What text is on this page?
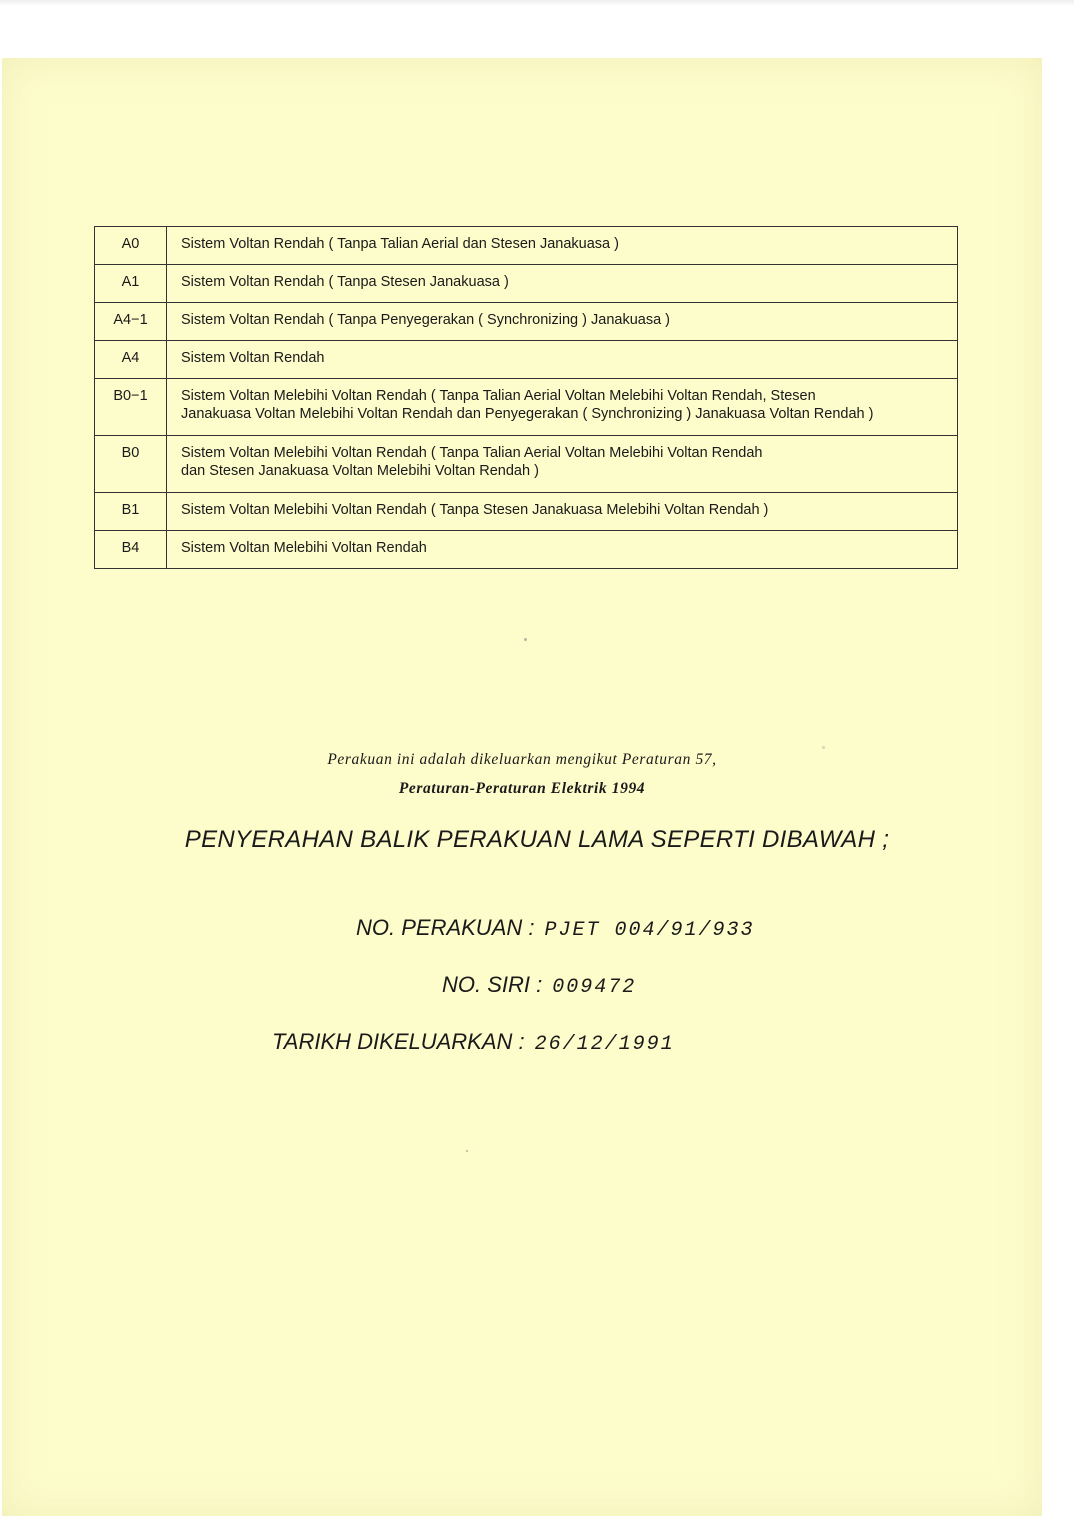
A0	Sistem Voltan Rendah ( Tanpa Talian Aerial dan Stesen Janakuasa )
A1	Sistem Voltan Rendah ( Tanpa Stesen Janakuasa )
A4−1	Sistem Voltan Rendah ( Tanpa Penyegerakan ( Synchronizing ) Janakuasa )
A4	Sistem Voltan Rendah
B0−1	Sistem Voltan Melebihi Voltan Rendah ( Tanpa Talian Aerial Voltan Melebihi Voltan Rendah, Stesen
Janakuasa Voltan Melebihi Voltan Rendah dan Penyegerakan ( Synchronizing ) Janakuasa Voltan Rendah )

B0	Sistem Voltan Melebihi Voltan Rendah ( Tanpa Talian Aerial Voltan Melebihi Voltan Rendah
dan Stesen Janakuasa Voltan Melebihi Voltan Rendah )

B1	Sistem Voltan Melebihi Voltan Rendah ( Tanpa Stesen Janakuasa Melebihi Voltan Rendah )
B4	Sistem Voltan Melebihi Voltan Rendah
Perakuan ini adalah dikeluarkan mengikut Peraturan 57,
Peraturan-Peraturan Elektrik 1994
PENYERAHAN BALIK PERAKUAN LAMA SEPERTI DIBAWAH ;
NO. PERAKUAN : PJET 004/91/933
NO. SIRI : 009472
TARIKH DIKELUARKAN : 26/12/1991
